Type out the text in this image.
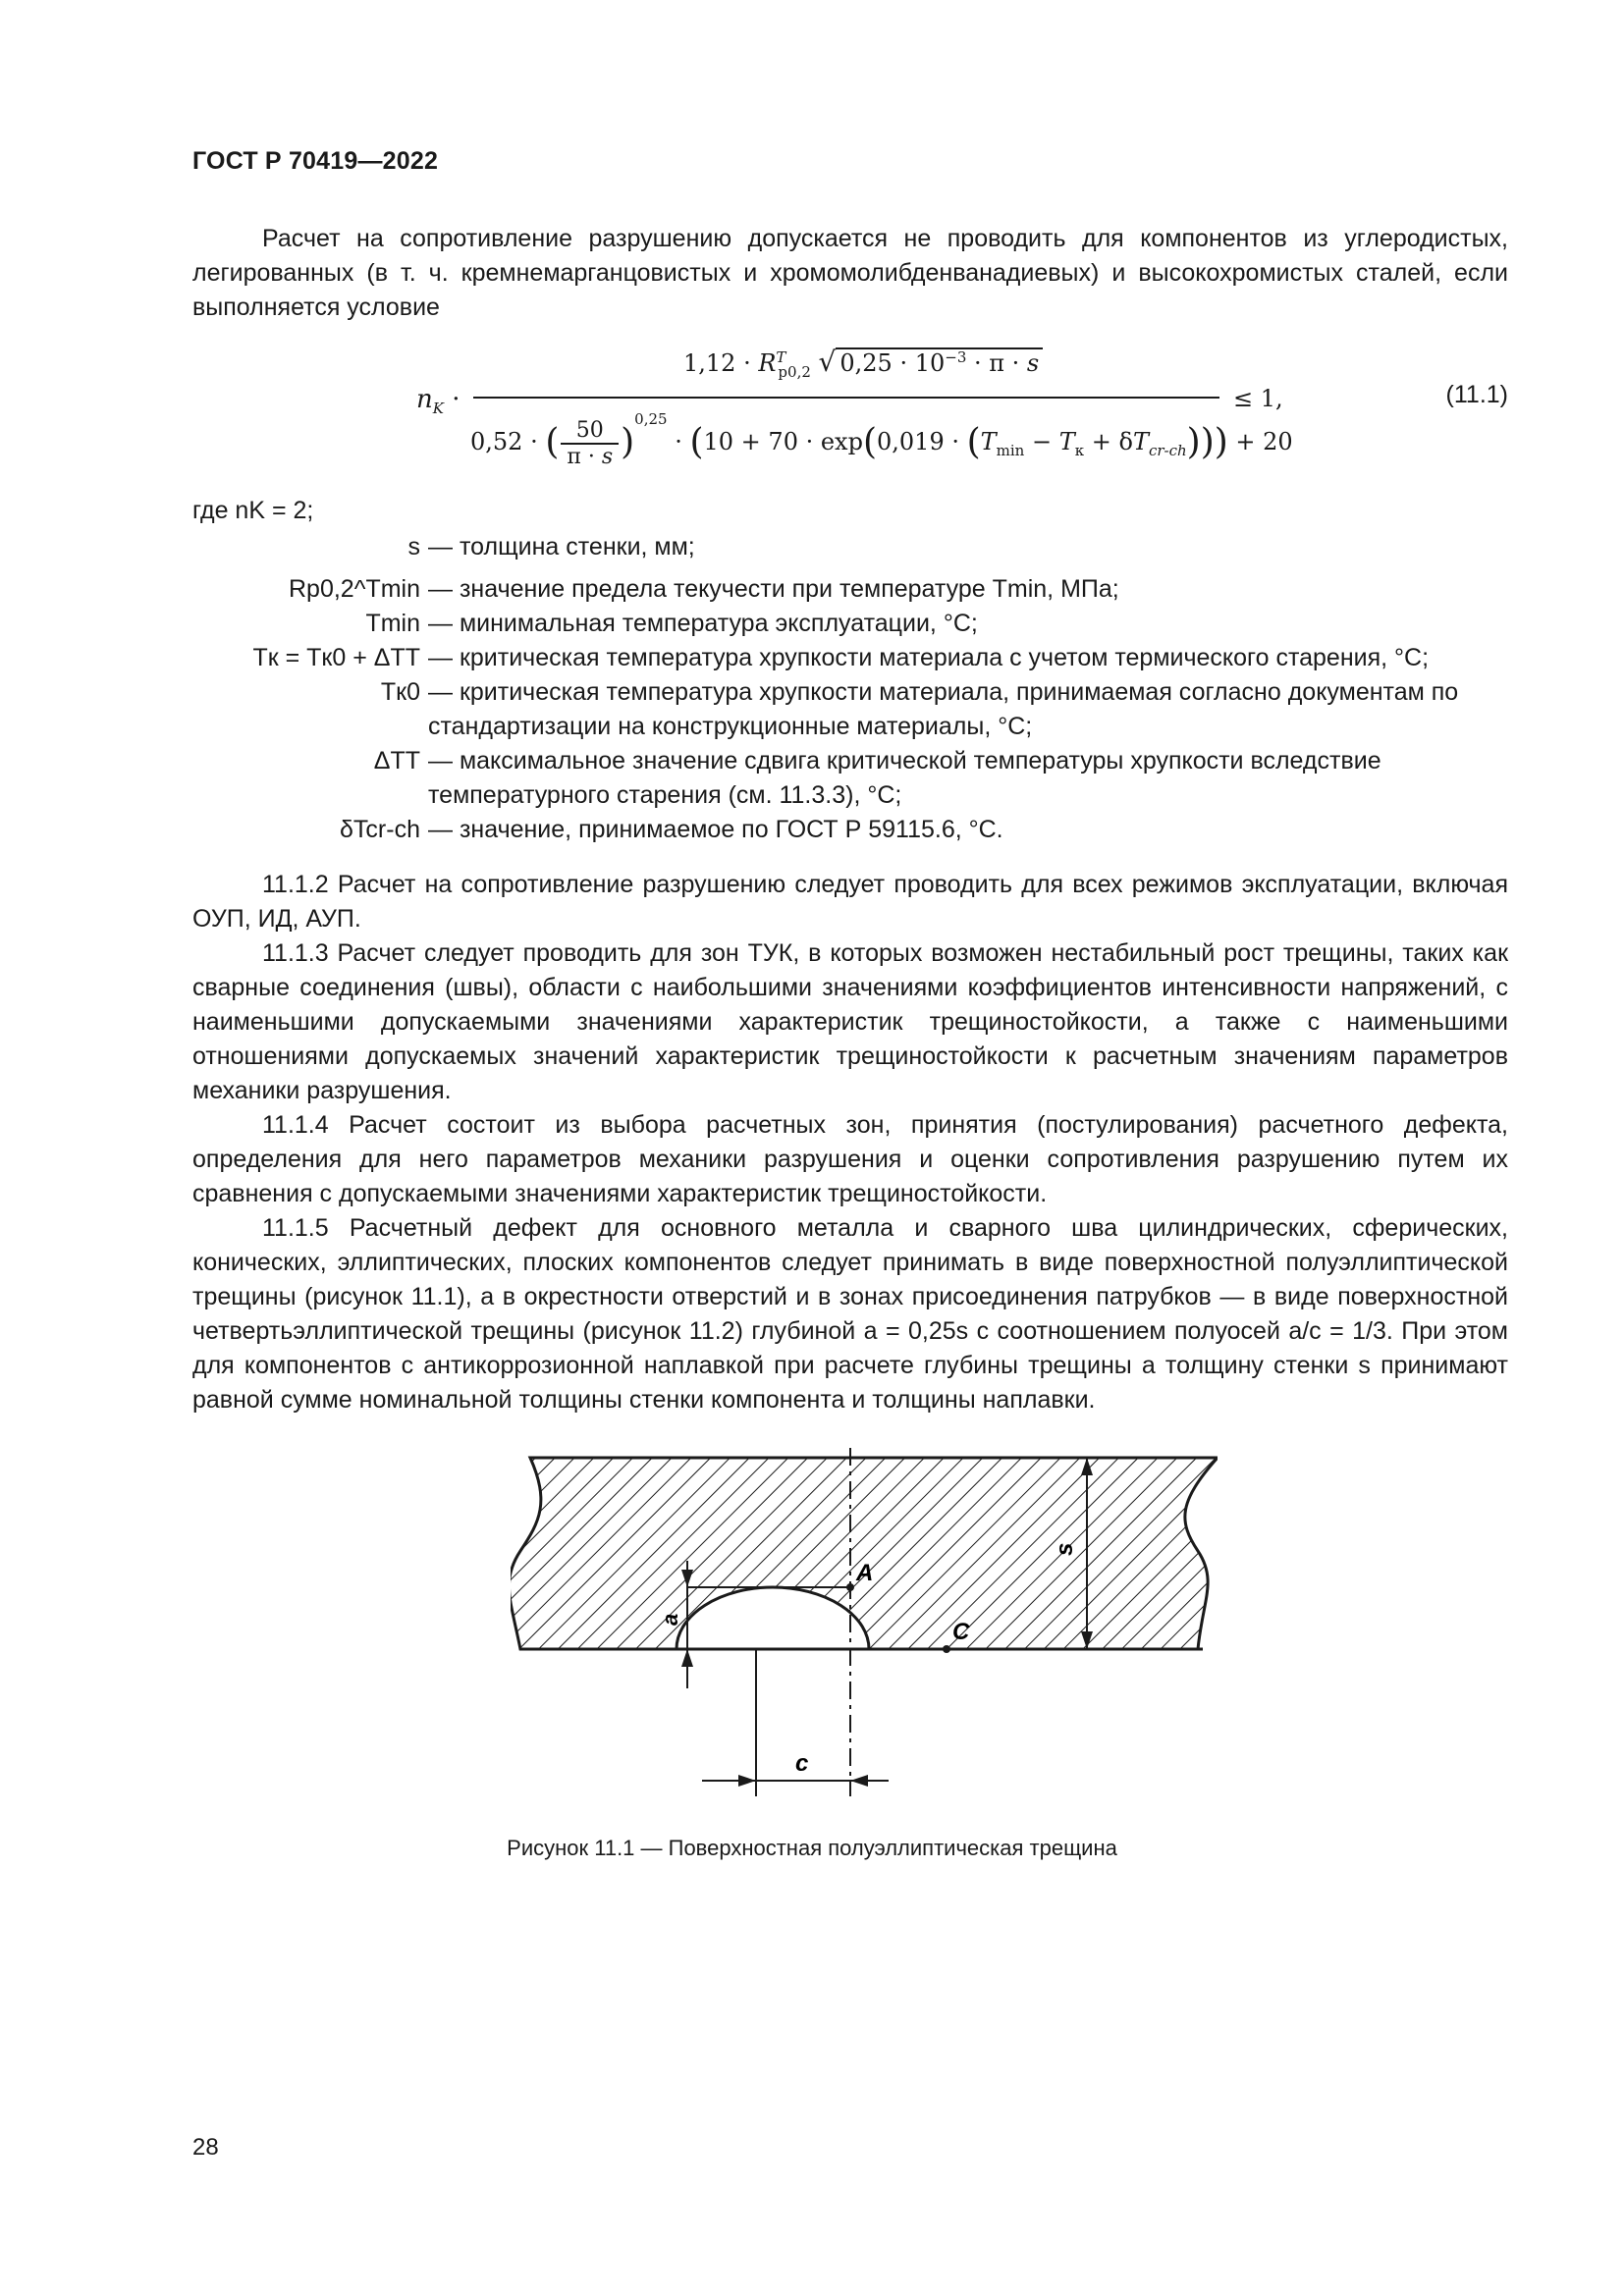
ГОСТ Р 70419—2022
Расчет на сопротивление разрушению допускается не проводить для компонентов из углеродистых, легированных (в т. ч. кремнемарганцовистых и хромомолибденванадиевых) и высокохромистых сталей, если выполняется условие
$n_K$ ·
$1,12 \cdot R^T_{p0,2}$ √ $0,25 \cdot 10^{-3} \cdot \pi \cdot s$
0,52 · ( $\frac{50}{\pi \cdot s} )^{0,25} \cdot (10 + 70 \cdot \exp(0,019 \cdot (T_{min} - T_к + \delta T_{cr-ch}))) + 20$
≤ 1,	(11.1)
где nK = 2;
s — толщина стенки, мм;
Rp0,2^Tmin — значение предела текучести при температуре Tmin, МПа;
Tmin — минимальная температура эксплуатации, °С;
Tк = Tк0 + ΔTT — критическая температура хрупкости материала с учетом термического старения, °С;
Tк0 — критическая температура хрупкости материала, принимаемая согласно документам по стандартизации на конструкционные материалы, °С;
ΔTT — максимальное значение сдвига критической температуры хрупкости вследствие температурного старения (см. 11.3.3), °С;
δTcr-ch — значение, принимаемое по ГОСТ Р 59115.6, °С.

11.1.2 Расчет на сопротивление разрушению следует проводить для всех режимов эксплуатации, включая ОУП, ИД, АУП.

11.1.3 Расчет следует проводить для зон ТУК, в которых возможен нестабильный рост трещины, таких как сварные соединения (швы), области с наибольшими значениями коэффициентов интенсивности напряжений, с наименьшими допускаемыми значениями характеристик трещиностойкости, а также с наименьшими отношениями допускаемых значений характеристик трещиностойкости к расчетным значениям параметров механики разрушения.

11.1.4 Расчет состоит из выбора расчетных зон, принятия (постулирования) расчетного дефекта, определения для него параметров механики разрушения и оценки сопротивления разрушению путем их сравнения с допускаемыми значениями характеристик трещиностойкости.

11.1.5 Расчетный дефект для основного металла и сварного шва цилиндрических, сферических, конических, эллиптических, плоских компонентов следует принимать в виде поверхностной полуэллиптической трещины (рисунок 11.1), а в окрестности отверстий и в зонах присоединения патрубков — в виде поверхностной четвертьэллиптической трещины (рисунок 11.2) глубиной a = 0,25s с соотношением полуосей a/c = 1/3. При этом для компонентов с антикоррозионной наплавкой при расчете глубины трещины a толщину стенки s принимают равной сумме номинальной толщины стенки компонента и толщины наплавки.

s
a
c
A
C
Рисунок 11.1 — Поверхностная полуэллиптическая трещина
28
